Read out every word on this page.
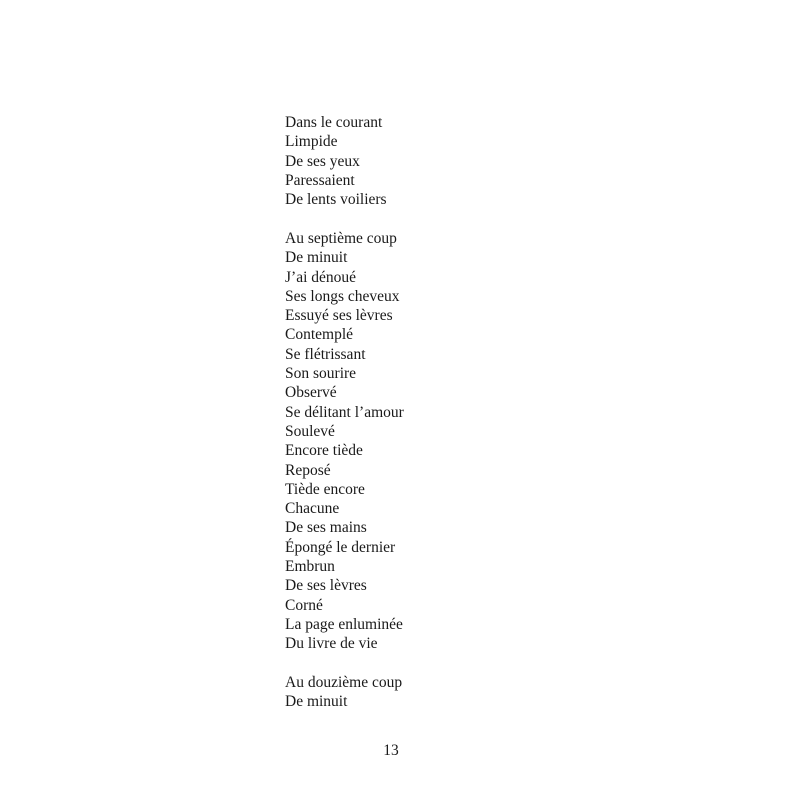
Dans le courant
Limpide
De ses yeux
Paressaient
De lents voiliers
Au septième coup
De minuit
J’ai dénoué
Ses longs cheveux
Essuyé ses lèvres
Contemplé
Se flétrissant
Son sourire
Observé
Se délitant l’amour
Soulevé
Encore tiède
Reposé
Tiède encore
Chacune
De ses mains
Épongé le dernier
Embrun
De ses lèvres
Corné
La page enluminée
Du livre de vie
Au douzième coup
De minuit
13
